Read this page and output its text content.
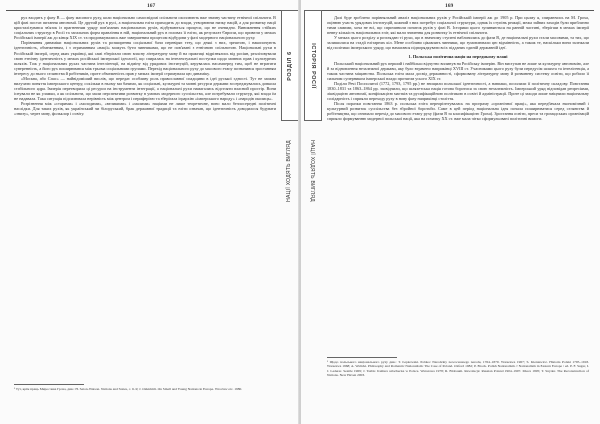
167
РОЗДІЛ 6
НАЦІЇ ХОДЯТЬ ВИГЛЯД

рух входить у фазу В — фазу масового руху, коли національно самосвідомі спільноти охоплюють вже значну частину етнічної спільноти. В цій фазі постає питання автономії. Це другий рух в русі, а національна еліта приходить до влади, утворюючи низку націй, а для розвитку нації кристалізувався зв'язок із прагненням уряду пов'язаних національних рухів, відбуваються процеси, що не очевидно. Виникнення стійких соціальних структур в Росії та загальних форм правління в ній, національний рух в головах її еліти, як результат Європи, що привели у межах Російської імперії аж до кінця ХІХ ст. та продовжувались вже завершеним процесом відбудови у фазі модерного національного руху.

Порівняння динаміки національних рухів та розширення соціальної бази перевіряє тезу, що деякі з них, зрештою, і накопичують ідентичність, обмеженням, і з отриманням «нації» можуть бути чинниками, що не пов'язані з етнічною спільнотою. Національні рухи в Російській імперії, серед яких українці, які самі зберігали свою власну літературну мову й на практиці відрізнялись від росіян, реалізовували свою етнічну ідентичність у межах російської імперської ідеології, що спиралась на інтелектуальні поступки щодо мовних прав і культурних шляхів. Тож у національних рухах частина інтелігенції, на відміну від урядових інституцій, керувалась насамперед тим, щоб не втратити суверенність, а його рух поширювався між трьома соціальними групами. Перехід національного руху до масового етапу позначився зростанням інтересу до нього селянства й робітників, проте обмеженість прав у межах імперії стримувала цю динаміку.

«Москва, або Спас» — найвідоміший вислів, що передає особливу роль православної спадщини в ідеї руської єдності. Тут не можна вилучати поняття імперського центру, оскільки в ньому ми бачимо, як соціальні, культурні та мовні ресурси держави зосереджувались довкола стабільного ядра. Імперія перетворила ці ресурси на інструменти інтеграції, а національні рухи намагались відстояти власний простір. Вони існували не як уламки, а як спільноти, що мали перспективи розвитку в умовах модерного суспільства, але потребували структур, які влада їм не надавала. Така ситуація підсилювала нерівність між центром і периферією та зберігала ієрархію «імперського народу» і «народів околиць».

Розрізнення між «старими» і «молодими», «великими» і «малими» націями не лише теоретичне, воно мало безпосередні політичні наслідки. Для таких рухів, як український чи білоруський, брак державної традиції та еліти означав, що ідентичність доводилося будувати «знизу», через мову, фольклор і освіту.

¹ Тут, крім праць Мирослава Гроха, див.: H. Seton-Watson. Nations and States, c. 6–9; J. Ozkirimli. On Small and Young Nations in Europe. Wroclaw etc. 1980.

169
ІСТОРІЯ РОСІЇ
НАЦІЇ ХОДЯТЬ ВИГЛЯД

Далі буде зроблено порівняльний аналіз національних рухів у Російській імперії аж до 1905 р. При цьому я, спираючись на М. Гроха, оцінюю участь урядових інституцій, кожний з них потребує соціальної структури, однак їх ступінь реакції, межа зайвих заходів були приблизно тими самими, хоча не всі, що спричинили початок рухів у фазі В. Історики цього зупиняються на ранній частині, зберігши в межах імперії певну кількість національних еліт, які мали значення для розвитку їх етнічної спільноти.

У межах цього розділу я розглядаю ті рухи, що в значному ступені наблизились до фази В, де національні рухи стали масовими, та тих, що залишилися на стадії елітарних кіл. Мене особливо цікавлять чинники, що зумовлювали цю відмінність, а також те, наскільки вони залежали від політики імперського уряду, що намагався підпорядкувати всіх підданих єдиній державній ідеї.

1. Польська політична нація на передньому плані

Польський національний рух перший і найбільш відчутно вплинув на Російську імперію. Він виступав не лише за культурну автономію, але й за відновлення незалежної держави, яку було втрачено наприкінці XVIII ст. Учасниками цього руху були передусім шляхта та інтелігенція, а також частина міщанства. Польська еліта мала досвід державності, сформовану літературну мову й розвинену систему освіти, що робило її сильним суперником імперської влади протягом усього XIX ст.

Поділи Речі Посполитої (1772, 1793, 1795 рр.) не знищили польської ідентичності, а навпаки, посилили її політичну складову. Повстання 1830–1831 та 1863–1864 рр. засвідчили, що шляхетська нація готова боротися за свою незалежність. Імперський уряд відповідав репресіями, ліквідацією автономії, конфіскацією маєтків та русифікаційною політикою в освіті й адміністрації. Проте ці заходи лише зміцнили національну солідарність і сприяли переходу руху в нову фазу наприкінці століття.

Після поразки повстання 1863 р. польська еліта переорієнтувалась на програму «органічної праці», яка передбачала економічний і культурний розвиток суспільства без збройної боротьби. Саме в цей період національна ідея почала поширюватися серед селянства й робітництва, що означало перехід до масового етапу руху (фази В за класифікацією Гроха). Зростання освіти, преси та громадських організацій сприяло формуванню модерної польської нації, яка на початку XX ст. вже мала чітко сформульовані політичні вимоги.

¹ Щодо польського національного руху див.: T. Łepkowski. Polska: Narodziny nowoczesnego narodu, 1764–1870. Warszawa 1967; S. Kieniewicz. Historia Polski 1795–1918. Warszawa 1968; A. Walicki. Philosophy and Romantic Nationalism: The Case of Poland. Oxford 1982; P. Brock. Polish Nationalism // Nationalism in Eastern Europe / ed. P. F. Sugar, I. J. Lederer. Seattle 1969; J. Tazbir. Kultura szlachecka w Polsce. Warszawa 1978; R. Blobaum. Rewolucja: Russian Poland 1904–1907. Ithaca 1995; T. Snyder. The Reconstruction of Nations. New Haven 2003.
